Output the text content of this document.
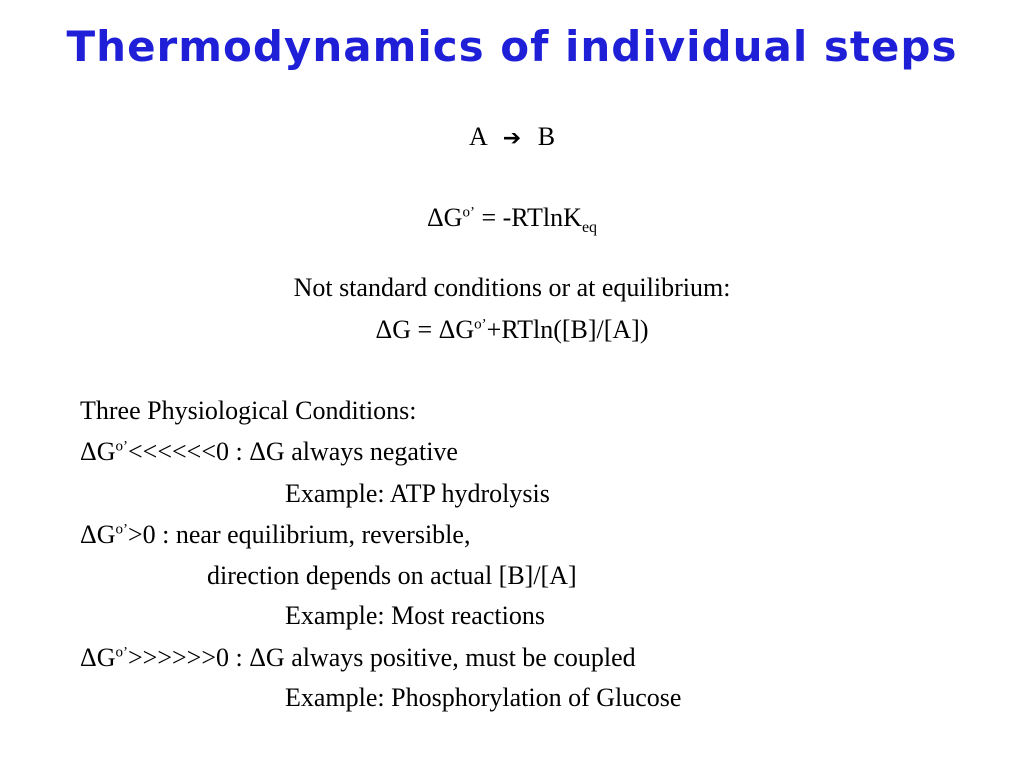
Thermodynamics of individual steps
A ➔ B
$\Delta G^{o’} = -RTlnK_{eq}$
Not standard conditions or at equilibrium:
$\Delta G = \Delta G^{o’}+RTln([B]/[A])$
Three Physiological Conditions:
$\Delta G^{o’}<<<<<<0$ : ΔG always negative
Example: ATP hydrolysis
$\Delta G^{o’}>0$ : near equilibrium, reversible,
direction depends on actual [B]/[A]
Example: Most reactions
$\Delta G^{o’}>>>>>>0$ : ΔG always positive, must be coupled
Example: Phosphorylation of Glucose
